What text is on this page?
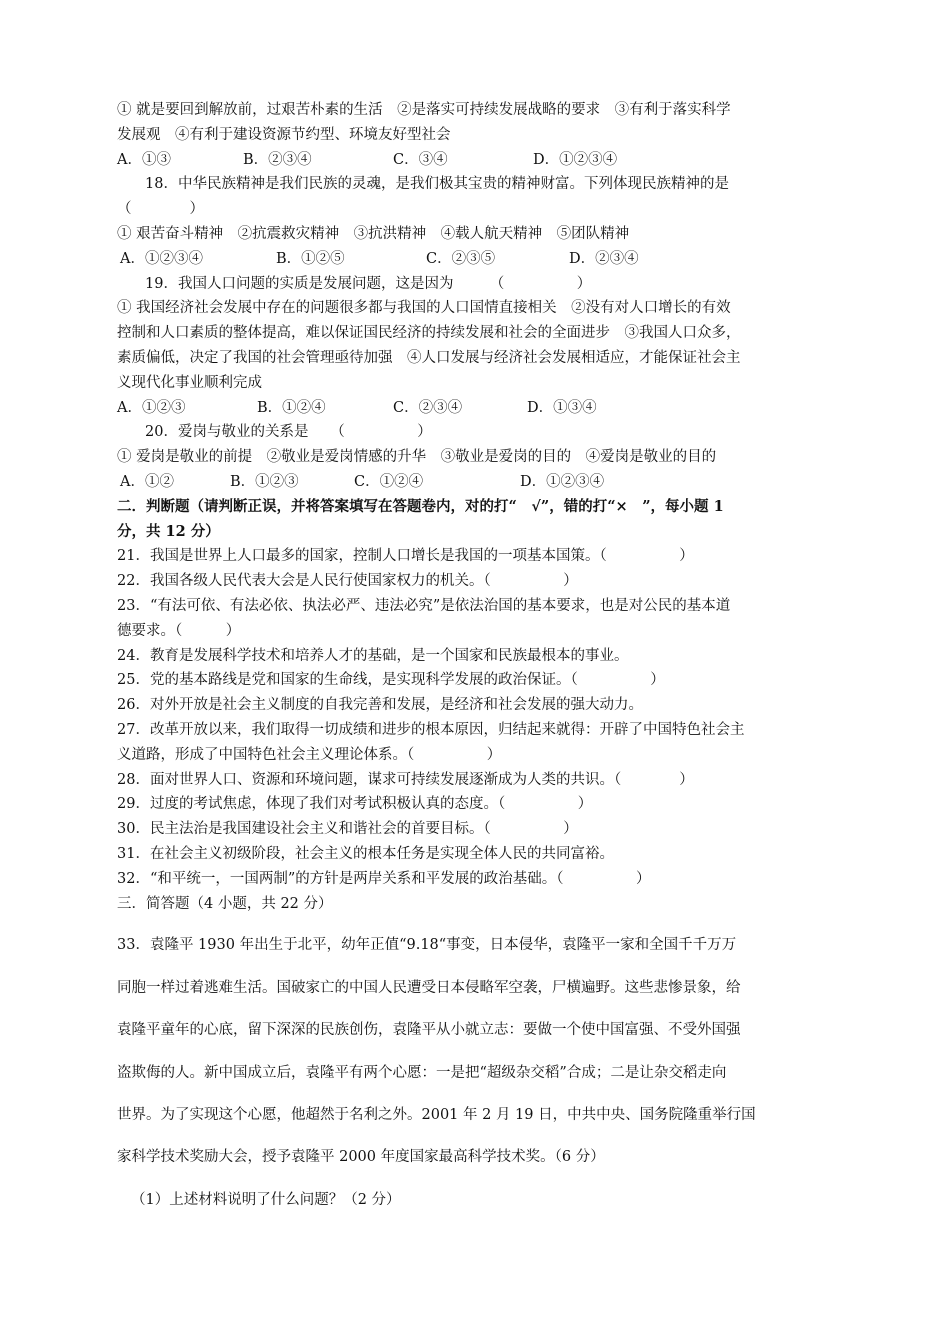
① 就是要回到解放前，过艰苦朴素的生活　②是落实可持续发展战略的要求　③有利于落实科学
发展观　④有利于建设资源节约型、环境友好型社会
A．①③	B．②③④	C．③④	D．①②③④
18．中华民族精神是我们民族的灵魂，是我们极其宝贵的精神财富。下列体现民族精神的是
（　　　　）
① 艰苦奋斗精神　②抗震救灾精神　③抗洪精神　④载人航天精神　⑤团队精神
A．①②③④	B．①②⑤	C．②③⑤	D．②③④
19．我国人口问题的实质是发展问题，这是因为　　　（　　　　　）
① 我国经济社会发展中存在的问题很多都与我国的人口国情直接相关　②没有对人口增长的有效
控制和人口素质的整体提高，难以保证国民经济的持续发展和社会的全面进步　③我国人口众多，
素质偏低，决定了我国的社会管理亟待加强　④人口发展与经济社会发展相适应，才能保证社会主
义现代化事业顺利完成
A．①②③	B．①②④	C．②③④	D．①③④
20．爱岗与敬业的关系是　　（　　　　　）
① 爱岗是敬业的前提　②敬业是爱岗情感的升华　③敬业是爱岗的目的　④爱岗是敬业的目的
A．①②	B．①②③	C．①②④	D．①②③④
二．判断题（请判断正误，并将答案填写在答题卷内，对的打“　√”，错的打“×　”，每小题 1
分，共 12 分）
21．我国是世界上人口最多的国家，控制人口增长是我国的一项基本国策。（　　　　　）
22．我国各级人民代表大会是人民行使国家权力的机关。（　　　　　）
23．“有法可依、有法必依、执法必严、违法必究”是依法治国的基本要求，也是对公民的基本道
德要求。（　　　）
24．教育是发展科学技术和培养人才的基础，是一个国家和民族最根本的事业。
25．党的基本路线是党和国家的生命线，是实现科学发展的政治保证。（　　　　　）
26．对外开放是社会主义制度的自我完善和发展，是经济和社会发展的强大动力。
27．改革开放以来，我们取得一切成绩和进步的根本原因，归结起来就得：开辟了中国特色社会主
义道路，形成了中国特色社会主义理论体系。（　　　　　）
28．面对世界人口、资源和环境问题，谋求可持续发展逐渐成为人类的共识。（　　　　）
29．过度的考试焦虑，体现了我们对考试积极认真的态度。（　　　　　）
30．民主法治是我国建设社会主义和谐社会的首要目标。（　　　　　）
31．在社会主义初级阶段，社会主义的根本任务是实现全体人民的共同富裕。
32．“和平统一，一国两制”的方针是两岸关系和平发展的政治基础。（　　　　　）
三．简答题（4 小题，共 22 分）
33．袁隆平 1930 年出生于北平，幼年正值“9.18“事变，日本侵华，袁隆平一家和全国千千万万
同胞一样过着逃难生活。国破家亡的中国人民遭受日本侵略军空袭，尸横遍野。这些悲惨景象，给
袁隆平童年的心底，留下深深的民族创伤，袁隆平从小就立志：要做一个使中国富强、不受外国强
盗欺侮的人。新中国成立后，袁隆平有两个心愿：一是把“超级杂交稻”合成；二是让杂交稻走向
世界。为了实现这个心愿，他超然于名利之外。2001 年 2 月 19 日，中共中央、国务院隆重举行国
家科学技术奖励大会，授予袁隆平 2000 年度国家最高科学技术奖。（6 分）
（1）上述材料说明了什么问题？（2 分）
